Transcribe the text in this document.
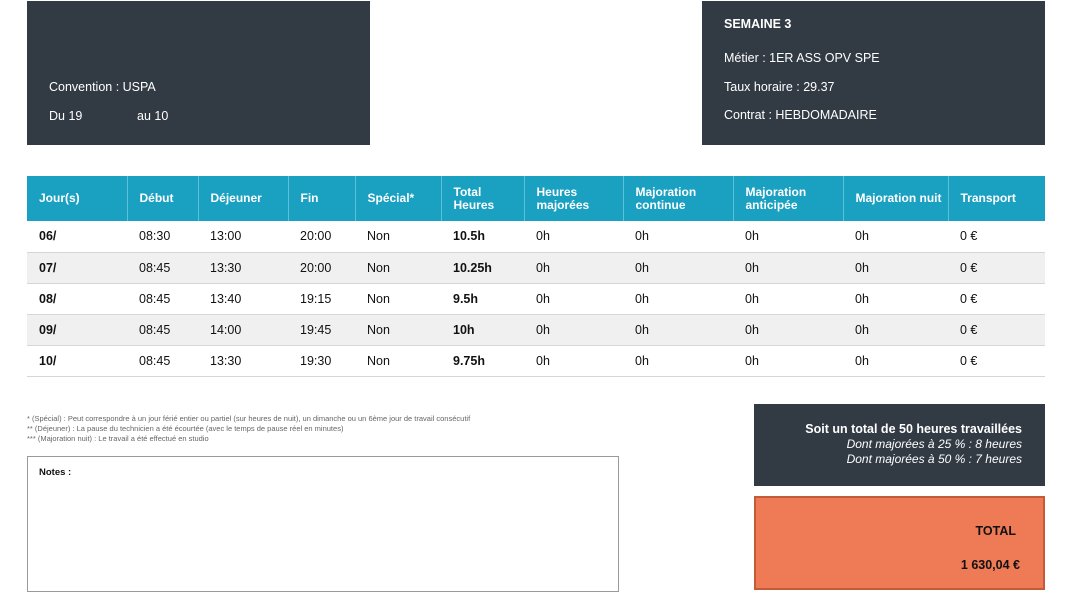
Convention : USPA
Du 19	au 10
SEMAINE 3
Métier : 1ER ASS OPV SPE
Taux horaire : 29.37
Contrat : HEBDOMADAIRE
Jour(s)	Début	Déjeuner	Fin	Spécial*	Total Heures	Heures majorées	Majoration continue	Majoration anticipée	Majoration nuit	Transport
06/	08:30	13:00	20:00	Non	10.5h	0h	0h	0h	0h	0 €
07/	08:45	13:30	20:00	Non	10.25h	0h	0h	0h	0h	0 €
08/	08:45	13:40	19:15	Non	9.5h	0h	0h	0h	0h	0 €
09/	08:45	14:00	19:45	Non	10h	0h	0h	0h	0h	0 €
10/	08:45	13:30	19:30	Non	9.75h	0h	0h	0h	0h	0 €
* (Spécial) : Peut correspondre à un jour férié entier ou partiel (sur heures de nuit), un dimanche ou un 6ème jour de travail consécutif
** (Déjeuner) : La pause du technicien a été écourtée (avec le temps de pause réel en minutes)
*** (Majoration nuit) : Le travail a été effectué en studio
Notes :
Soit un total de 50 heures travaillées
Dont majorées à 25 % : 8 heures
Dont majorées à 50 % : 7 heures
TOTAL
1 630,04 €
